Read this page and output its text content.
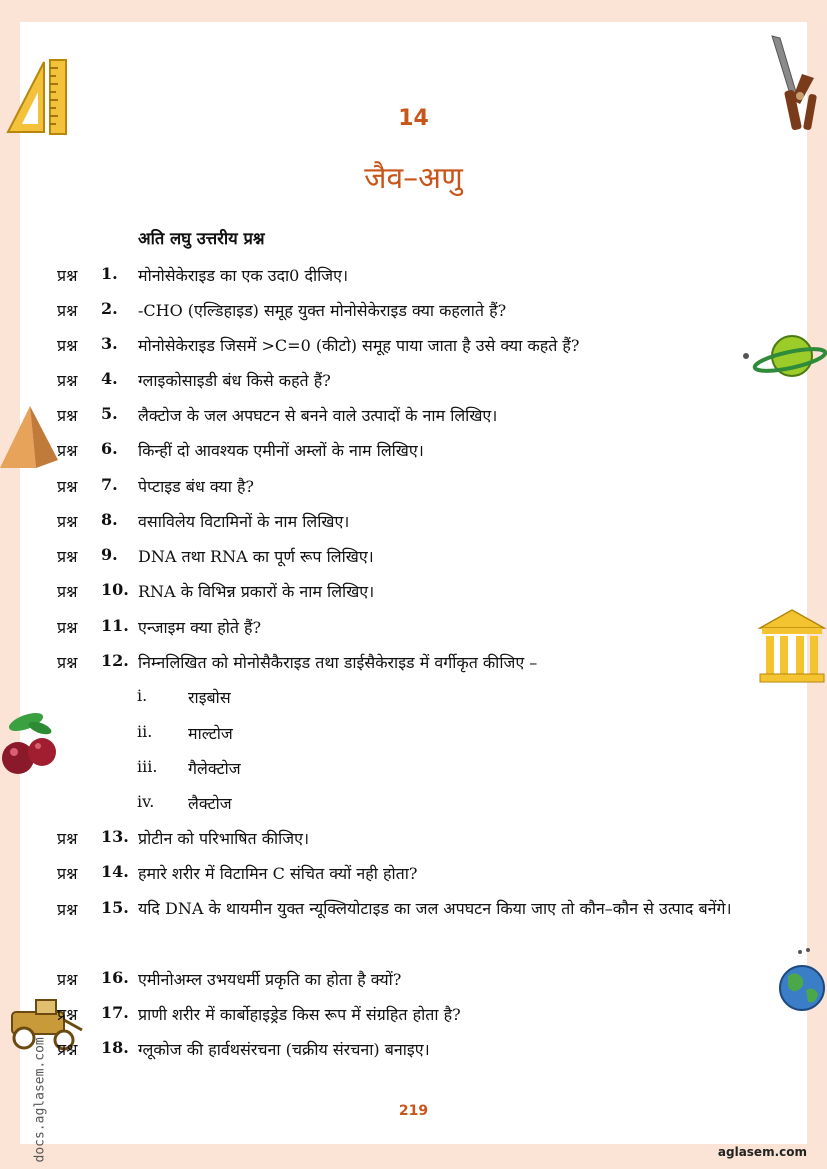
docs.aglasem.com
14
जैव–अणु
अति लघु उत्तरीय प्रश्न
प्रश्न 1. मोनोसेकेराइड का एक उदा0 दीजिए।
प्रश्न 2. -CHO (एल्डिहाइड) समूह युक्त मोनोसेकेराइड क्या कहलाते हैं?
प्रश्न 3. मोनोसेकेराइड जिसमें >C=0 (कीटो) समूह पाया जाता है उसे क्या कहते हैं?
प्रश्न 4. ग्लाइकोसाइडी बंध किसे कहते हैं?
प्रश्न 5. लैक्टोज के जल अपघटन से बनने वाले उत्पादों के नाम लिखिए।
प्रश्न 6. किन्हीं दो आवश्यक एमीनों अम्लों के नाम लिखिए।
प्रश्न 7. पेप्टाइड बंध क्या है?
प्रश्न 8. वसाविलेय विटामिनों के नाम लिखिए।
प्रश्न 9. DNA तथा RNA का पूर्ण रूप लिखिए।
प्रश्न 10. RNA के विभिन्न प्रकारों के नाम लिखिए।
प्रश्न 11. एन्जाइम क्या होते हैं?
प्रश्न 12. निम्नलिखित को मोनोसैकैराइड तथा डाईसैकेराइड में वर्गीकृत कीजिए –
i.	राइबोस
ii. माल्टोज
iii. गैलेक्टोज
iv. लैक्टोज
प्रश्न 13. प्रोटीन को परिभाषित कीजिए।
प्रश्न 14. हमारे शरीर में विटामिन C संचित क्यों नही होता?
प्रश्न 15. यदि DNA के थायमीन युक्त न्यूक्लियोटाइड का जल अपघटन किया जाए तो कौन–कौन से उत्पाद बनेंगे।
प्रश्न 16. एमीनोअम्ल उभयधर्मी प्रकृति का होता है क्यों?
प्रश्न 17. प्राणी शरीर में कार्बोहाइड्रेड किस रूप में संग्रहित होता है?
प्रश्न 18. ग्लूकोज की हार्वथसंरचना (चक्रीय संरचना) बनाइए।
219
aglasem.com
